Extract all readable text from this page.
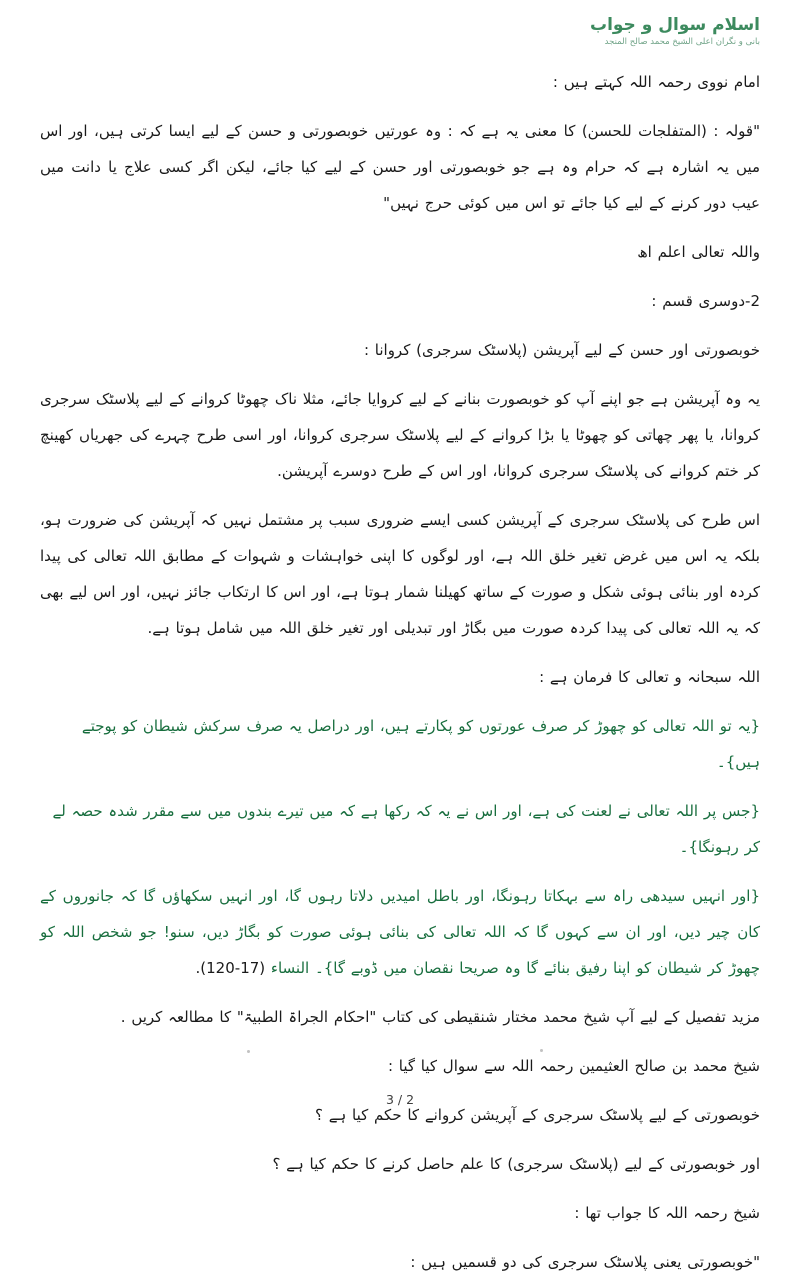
اسلام سوال و جواب
بانی و نگران اعلی الشیخ محمد صالح المنجد
امام نووی رحمہ اللہ کہتے ہیں :
"قولہ : (المتفلجات للحسن) کا معنی یہ ہے کہ : وہ عورتیں خوبصورتی و حسن کے لیے ایسا کرتی ہیں، اور اس میں یہ اشارہ ہے کہ حرام وہ ہے جو خوبصورتی اور حسن کے لیے کیا جائے، لیکن اگر کسی علاج یا دانت میں عیب دور کرنے کے لیے کیا جائے تو اس میں کوئی حرج نہیں"
واللہ تعالی اعلم اھ
2-دوسری قسم :
خوبصورتی اور حسن کے لیے آپریشن (پلاسٹک سرجری) کروانا :
یہ وہ آپریشن ہے جو اپنے آپ کو خوبصورت بنانے کے لیے کروایا جائے، مثلا ناک چھوٹا کروانے کے لیے پلاسٹک سرجری کروانا، یا پھر چھاتی کو چھوٹا یا بڑا کروانے کے لیے پلاسٹک سرجری کروانا، اور اسی طرح چہرے کی جھریاں کھینچ کر ختم کروانے کی پلاسٹک سرجری کروانا، اور اس کے طرح دوسرے آپریشن.
اس طرح کی پلاسٹک سرجری کے آپریشن کسی ایسے ضروری سبب پر مشتمل نہیں کہ آپریشن کی ضرورت ہو، بلکہ یہ اس میں غرض تغیر خلق اللہ ہے، اور لوگوں کا اپنی خواہشات و شہوات کے مطابق اللہ تعالی کی پیدا کردہ اور بنائی ہوئی شکل و صورت کے ساتھ کھیلنا شمار ہوتا ہے، اور اس کا ارتکاب جائز نہیں، اور اس لیے بھی کہ یہ اللہ تعالی کی پیدا کردہ صورت میں بگاڑ اور تبدیلی اور تغیر خلق اللہ میں شامل ہوتا ہے.
اللہ سبحانہ و تعالی کا فرمان ہے :
{یہ تو اللہ تعالی کو چھوڑ کر صرف عورتوں کو پکارتے ہیں، اور دراصل یہ صرف سرکش شیطان کو پوجتے ہیں}۔
{جس پر اللہ تعالی نے لعنت کی ہے، اور اس نے یہ کہ رکھا ہے کہ میں تیرے بندوں میں سے مقرر شدہ حصہ لے کر رہونگا}۔
{اور انہیں سیدھی راہ سے بہکاتا رہونگا، اور باطل امیدیں دلاتا رہوں گا، اور انہیں سکھاؤں گا کہ جانوروں کے کان چیر دیں، اور ان سے کہوں گا کہ اللہ تعالی کی بنائی ہوئی صورت کو بگاڑ دیں، سنو! جو شخص اللہ کو چھوڑ کر شیطان کو اپنا رفیق بنائے گا وہ صریحا نقصان میں ڈوبے گا}۔ النساء (17-120).
مزید تفصیل کے لیے آپ شیخ محمد مختار شنقیطی کی کتاب "احکام الجراۃ الطبیۃ" کا مطالعہ کریں .
شیخ محمد بن صالح العثیمین رحمہ اللہ سے سوال کیا گیا :
خوبصورتی کے لیے پلاسٹک سرجری کے آپریشن کروانے کا حکم کیا ہے ؟
اور خوبصورتی کے لیے (پلاسٹک سرجری) کا علم حاصل کرنے کا حکم کیا ہے ؟
شیخ رحمہ اللہ کا جواب تھا :
"خوبصورتی یعنی پلاسٹک سرجری کی دو قسمیں ہیں :
3 / 2
